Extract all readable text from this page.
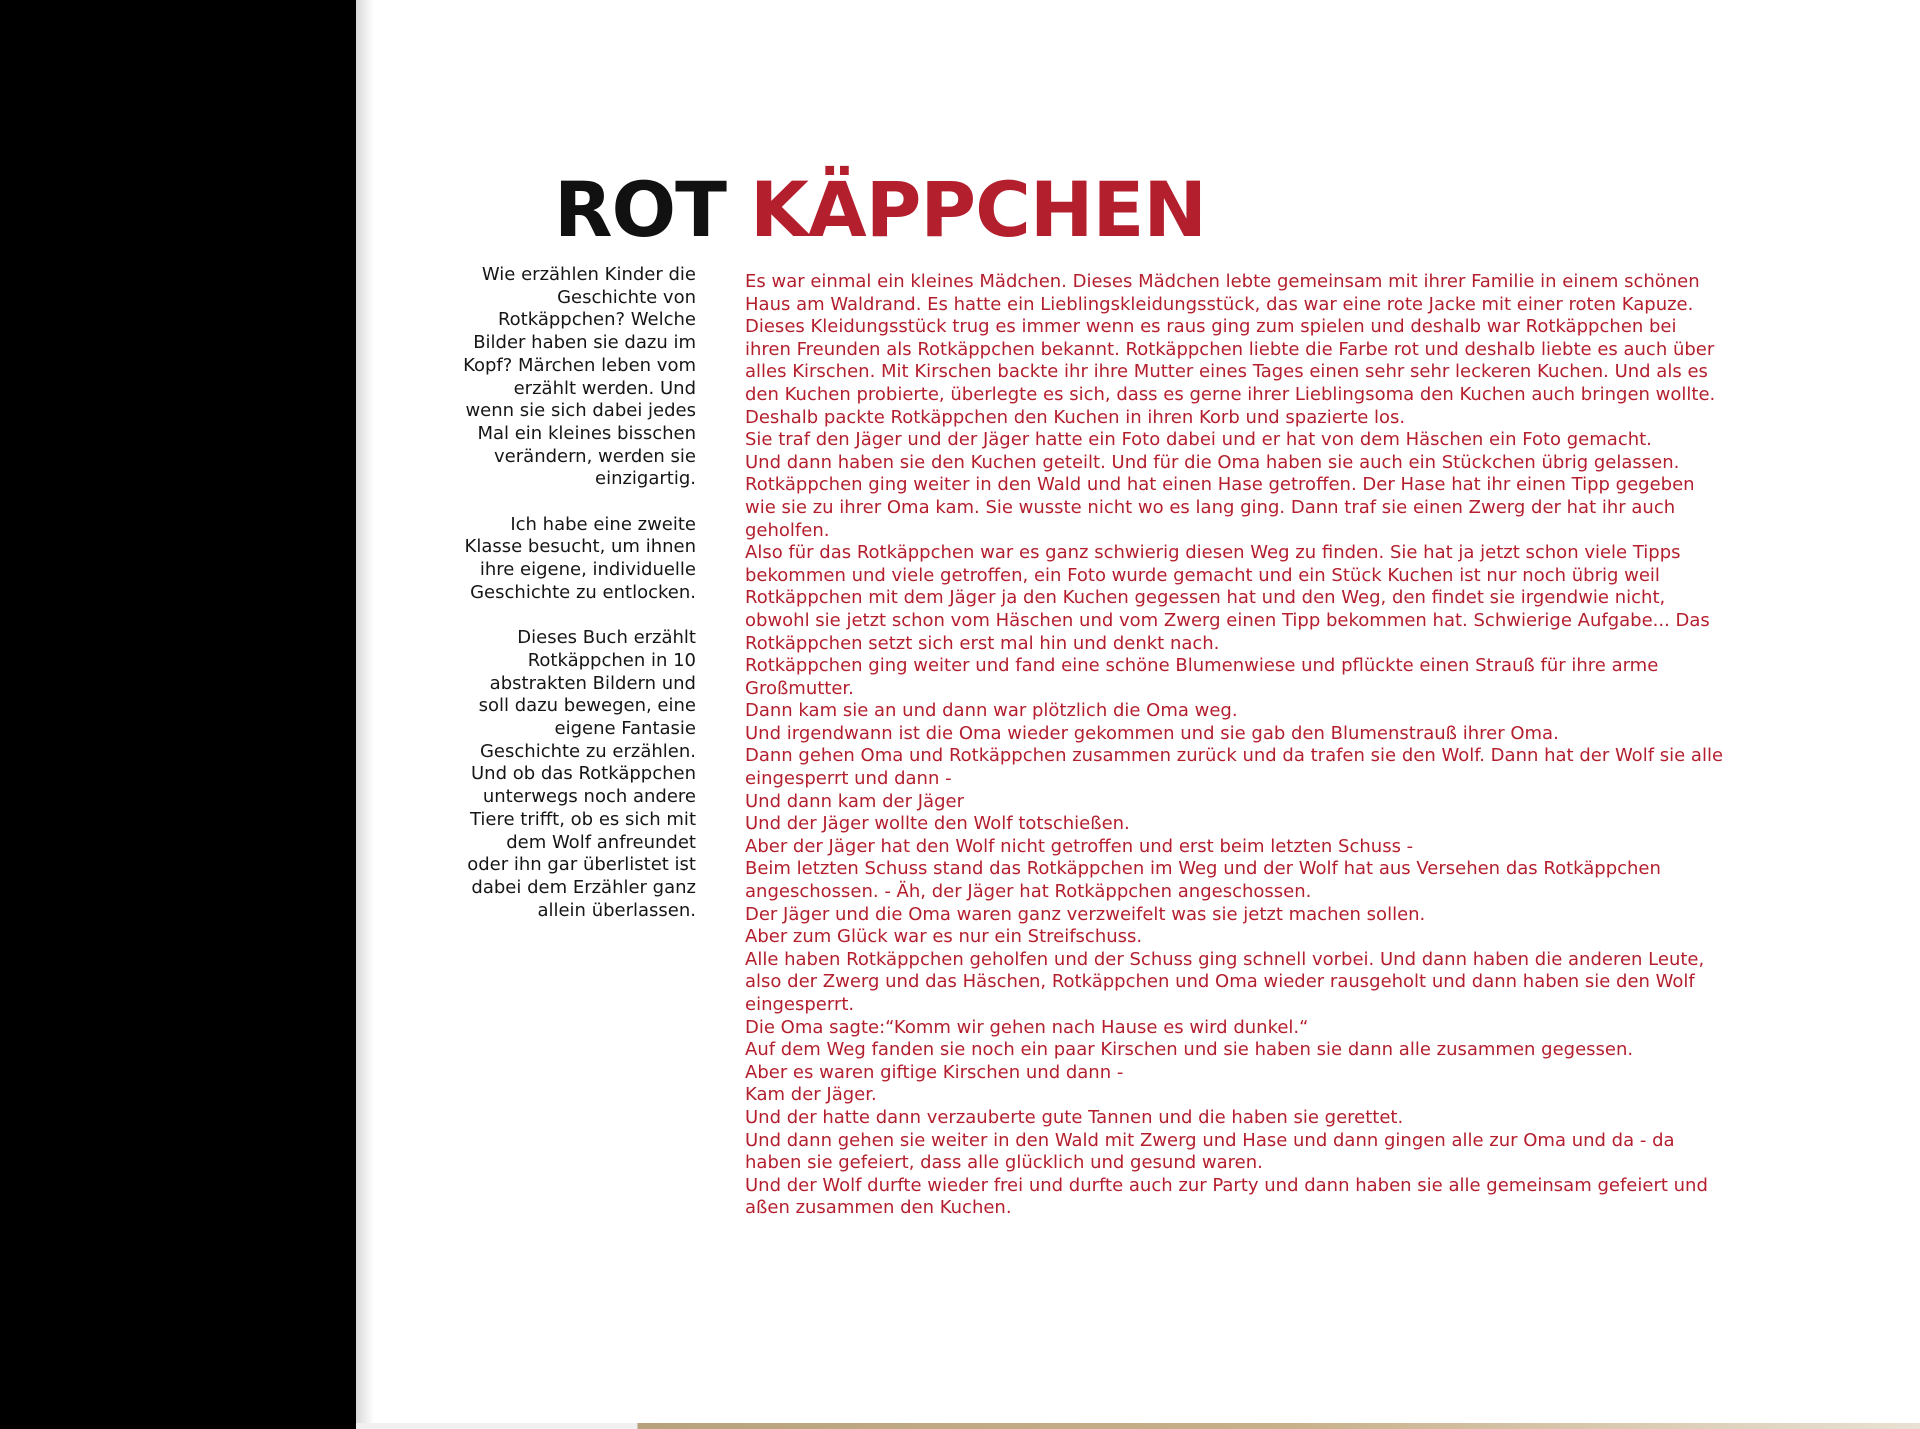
ROT KÄPPCHEN

Wie erzählen Kinder die Geschichte von Rotkäppchen? Welche Bilder haben sie dazu im Kopf? Märchen leben vom erzählt werden. Und wenn sie sich dabei jedes Mal ein kleines bisschen verändern, werden sie einzigartig.

Ich habe eine zweite Klasse besucht, um ihnen ihre eigene, individuelle Geschichte zu entlocken.

Dieses Buch erzählt Rotkäppchen in 10 abstrakten Bildern und soll dazu bewegen, eine eigene Fantasie Geschichte zu erzählen. Und ob das Rotkäppchen unterwegs noch andere Tiere trifft, ob es sich mit dem Wolf anfreundet oder ihn gar überlistet ist dabei dem Erzähler ganz allein überlassen.

Es war einmal ein kleines Mädchen. Dieses Mädchen lebte gemeinsam mit ihrer Familie in einem schönen Haus am Waldrand. Es hatte ein Lieblingskleidungsstück, das war eine rote Jacke mit einer roten Kapuze. Dieses Kleidungsstück trug es immer wenn es raus ging zum spielen und deshalb war Rotkäppchen bei ihren Freunden als Rotkäppchen bekannt. Rotkäppchen liebte die Farbe rot und deshalb liebte es auch über alles Kirschen. Mit Kirschen backte ihr ihre Mutter eines Tages einen sehr sehr leckeren Kuchen. Und als es den Kuchen probierte, überlegte es sich, dass es gerne ihrer Lieblingsoma den Kuchen auch bringen wollte. Deshalb packte Rotkäppchen den Kuchen in ihren Korb und spazierte los.

Sie traf den Jäger und der Jäger hatte ein Foto dabei und er hat von dem Häschen ein Foto gemacht.

Und dann haben sie den Kuchen geteilt. Und für die Oma haben sie auch ein Stückchen übrig gelassen.

Rotkäppchen ging weiter in den Wald und hat einen Hase getroffen. Der Hase hat ihr einen Tipp gegeben wie sie zu ihrer Oma kam. Sie wusste nicht wo es lang ging. Dann traf sie einen Zwerg der hat ihr auch geholfen.

Also für das Rotkäppchen war es ganz schwierig diesen Weg zu finden. Sie hat ja jetzt schon viele Tipps bekommen und viele getroffen, ein Foto wurde gemacht und ein Stück Kuchen ist nur noch übrig weil Rotkäppchen mit dem Jäger ja den Kuchen gegessen hat und den Weg, den findet sie irgendwie nicht, obwohl sie jetzt schon vom Häschen und vom Zwerg einen Tipp bekommen hat. Schwierige Aufgabe... Das Rotkäppchen setzt sich erst mal hin und denkt nach.

Rotkäppchen ging weiter und fand eine schöne Blumenwiese und pflückte einen Strauß für ihre arme Großmutter.

Dann kam sie an und dann war plötzlich die Oma weg.

Und irgendwann ist die Oma wieder gekommen und sie gab den Blumenstrauß ihrer Oma.

Dann gehen Oma und Rotkäppchen zusammen zurück und da trafen sie den Wolf. Dann hat der Wolf sie alle eingesperrt und dann -

Und dann kam der Jäger

Und der Jäger wollte den Wolf totschießen.

Aber der Jäger hat den Wolf nicht getroffen und erst beim letzten Schuss -

Beim letzten Schuss stand das Rotkäppchen im Weg und der Wolf hat aus Versehen das Rotkäppchen angeschossen. - Äh, der Jäger hat Rotkäppchen angeschossen.

Der Jäger und die Oma waren ganz verzweifelt was sie jetzt machen sollen.

Aber zum Glück war es nur ein Streifschuss.

Alle haben Rotkäppchen geholfen und der Schuss ging schnell vorbei. Und dann haben die anderen Leute, also der Zwerg und das Häschen, Rotkäppchen und Oma wieder rausgeholt und dann haben sie den Wolf eingesperrt.

Die Oma sagte:“Komm wir gehen nach Hause es wird dunkel.“

Auf dem Weg fanden sie noch ein paar Kirschen und sie haben sie dann alle zusammen gegessen.

Aber es waren giftige Kirschen und dann -

Kam der Jäger.

Und der hatte dann verzauberte gute Tannen und die haben sie gerettet.

Und dann gehen sie weiter in den Wald mit Zwerg und Hase und dann gingen alle zur Oma und da - da haben sie gefeiert, dass alle glücklich und gesund waren.

Und der Wolf durfte wieder frei und durfte auch zur Party und dann haben sie alle gemeinsam gefeiert und aßen zusammen den Kuchen.
